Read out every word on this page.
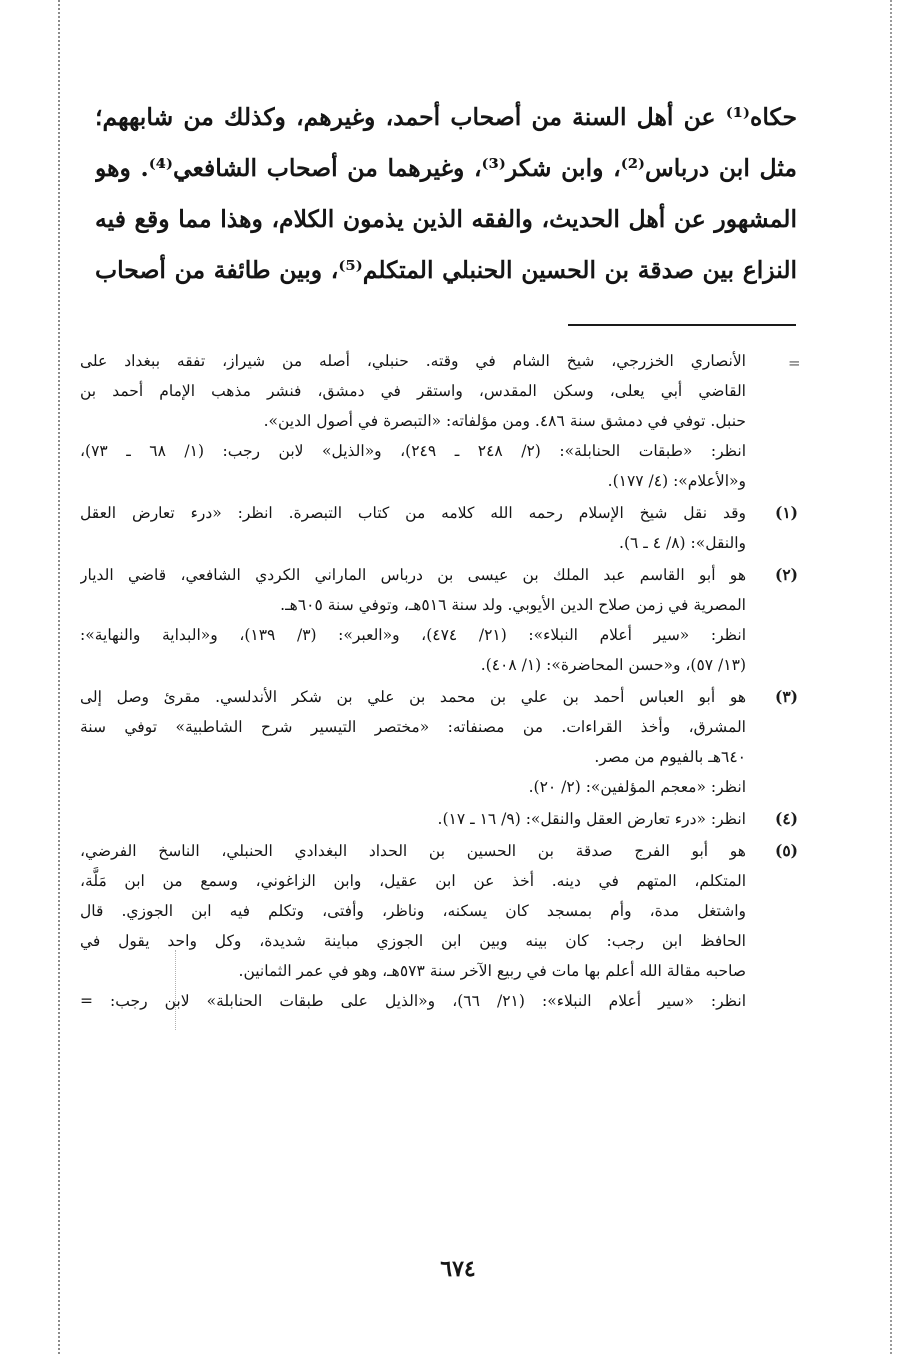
حكاه⁽¹⁾ عن أهل السنة من أصحاب أحمد، وغيرهم، وكذلك من شابههم؛
مثل ابن درباس⁽²⁾، وابن شكر⁽³⁾، وغيرهما من أصحاب الشافعي⁽⁴⁾. وهو
المشهور عن أهل الحديث، والفقه الذين يذمون الكلام، وهذا مما وقع فيه
النزاع بين صدقة بن الحسين الحنبلي المتكلم⁽⁵⁾، وبين طائفة من أصحاب
=
الأنصاري الخزرجي، شيخ الشام في وقته. حنبلي، أصله من شيراز، تفقه ببغداد على
القاضي أبي يعلى، وسكن المقدس، واستقر في دمشق، فنشر مذهب الإمام أحمد بن
حنبل. توفي في دمشق سنة ٤٨٦. ومن مؤلفاته: «التبصرة في أصول الدين».
انظر: «طبقات الحنابلة»: (٢/ ٢٤٨ ـ ٢٤٩)، و«الذيل» لابن رجب: (١/ ٦٨ ـ ٧٣)،
و«الأعلام»: (٤/ ١٧٧).
(١)
وقد نقل شيخ الإسلام رحمه الله كلامه من كتاب التبصرة. انظر: «درء تعارض العقل
والنقل»: (٨/ ٤ ـ ٦).
(٢)
هو أبو القاسم عبد الملك بن عيسى بن درباس الماراني الكردي الشافعي، قاضي الديار
المصرية في زمن صلاح الدين الأيوبي. ولد سنة ٥١٦هـ، وتوفي سنة ٦٠٥هـ.
انظر: «سير أعلام النبلاء»: (٢١/ ٤٧٤)، و«العبر»: (٣/ ١٣٩)، و«البداية والنهاية»:
(١٣/ ٥٧)، و«حسن المحاضرة»: (١/ ٤٠٨).
(٣)
هو أبو العباس أحمد بن علي بن محمد بن علي بن شكر الأندلسي. مقرئ وصل إلى
المشرق، وأخذ القراءات. من مصنفاته: «مختصر التيسير شرح الشاطبية» توفي سنة
٦٤٠هـ بالفيوم من مصر.
انظر: «معجم المؤلفين»: (٢/ ٢٠).
(٤)
انظر: «درء تعارض العقل والنقل»: (٩/ ١٦ ـ ١٧).
(٥)
هو أبو الفرج صدقة بن الحسين بن الحداد البغدادي الحنبلي، الناسخ الفرضي،
المتكلم، المتهم في دينه. أخذ عن ابن عقيل، وابن الزاغوني، وسمع من ابن مَلَّة،
واشتغل مدة، وأم بمسجد كان يسكنه، وناظر، وأفتى، وتكلم فيه ابن الجوزي. قال
الحافظ ابن رجب: كان بينه وبين ابن الجوزي مباينة شديدة، وكل واحد يقول في
صاحبه مقالة الله أعلم بها مات في ربيع الآخر سنة ٥٧٣هـ، وهو في عمر الثمانين.
انظر: «سير أعلام النبلاء»: (٢١/ ٦٦)، و«الذيل على طبقات الحنابلة» لابن رجب: =
٦٧٤
